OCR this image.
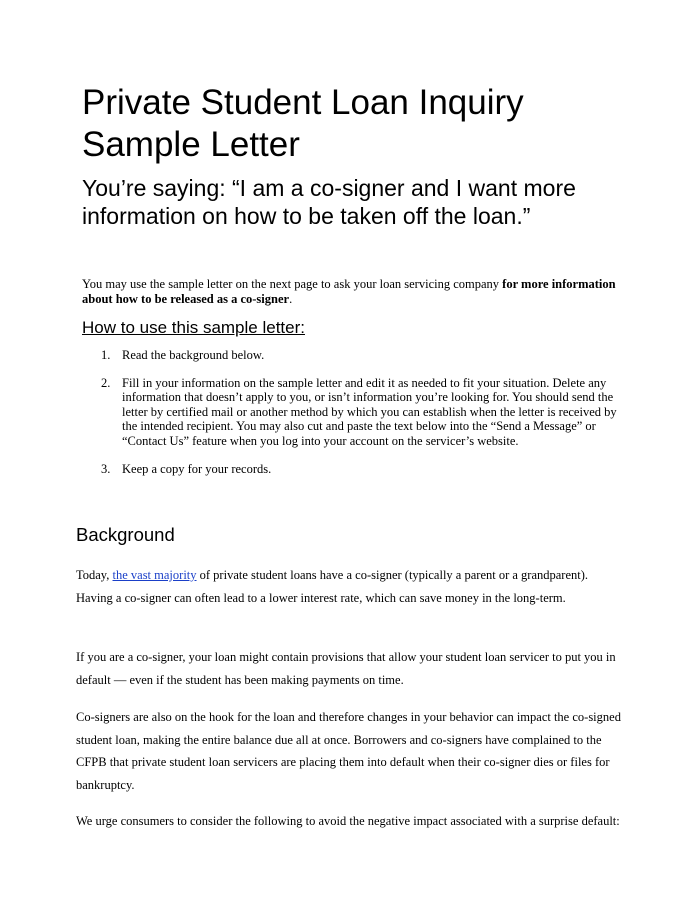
Private Student Loan Inquiry Sample Letter
You’re saying: “I am a co-signer and I want more information on how to be taken off the loan.”

You may use the sample letter on the next page to ask your loan servicing company for more information about how to be released as a co-signer.

How to use this sample letter:
1. Read the background below.
2. Fill in your information on the sample letter and edit it as needed to fit your situation. Delete any information that doesn’t apply to you, or isn’t information you’re looking for. You should send the letter by certified mail or another method by which you can establish when the letter is received by the intended recipient. You may also cut and paste the text below into the “Send a Message” or “Contact Us” feature when you log into your account on the servicer’s website.
3. Keep a copy for your records.
Background

Today, the vast majority of private student loans have a co-signer (typically a parent or a grandparent). Having a co-signer can often lead to a lower interest rate, which can save money in the long-term.

If you are a co-signer, your loan might contain provisions that allow your student loan servicer to put you in default — even if the student has been making payments on time.

Co-signers are also on the hook for the loan and therefore changes in your behavior can impact the co-signed student loan, making the entire balance due all at once. Borrowers and co-signers have complained to the CFPB that private student loan servicers are placing them into default when their co-signer dies or files for bankruptcy.

We urge consumers to consider the following to avoid the negative impact associated with a surprise default:
